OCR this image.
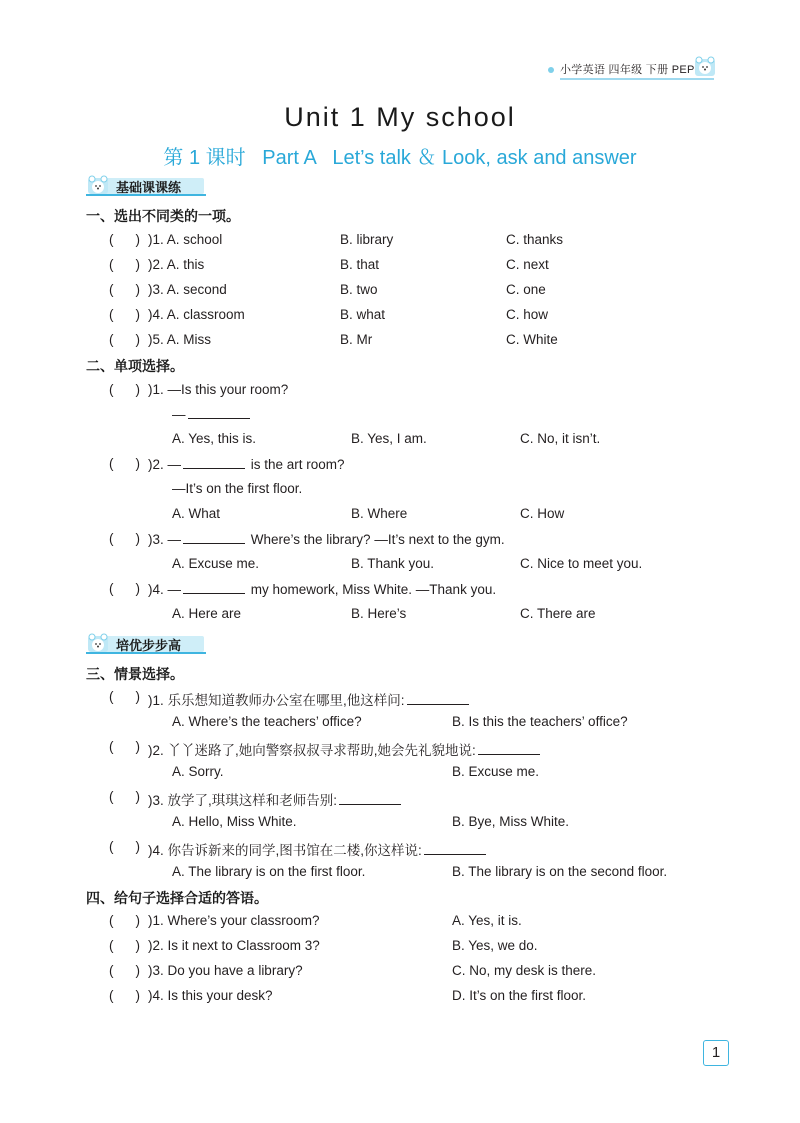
小学英语 四年级 下册 PEP
Unit 1 My school
第 1 课时   Part A   Let’s talk ＆ Look, ask and answer
基础课课练
一、选出不同类的一项。
(  )
)1. A. school	B. library	C. thanks
(  )
)2. A. this	B. that	C. next
(  )
)3. A. second	B. two	C. one
(  )
)4. A. classroom	B. what	C. how
(  )
)5. A. Miss	B. Mr	C. White
二、单项选择。
(  )
)1. —Is this your room?
—
A. Yes, this is.	B. Yes, I am.	C. No, it isn’t.
(  )
)2. —	is the art room?
—It’s on the first floor.
A. What	B. Where	C. How
(  )
)3. —	Where’s the library? —It’s next to the gym.
A. Excuse me.	B. Thank you.	C. Nice to meet you.
(  )
)4. —	my homework, Miss White. —Thank you.
A. Here are	B. Here’s	C. There are
培优步步高
三、情景选择。
(  )
)1. 乐乐想知道教师办公室在哪里,他这样问:
A. Where’s the teachers’ office?	B. Is this the teachers’ office?
(  )
)2. 丫丫迷路了,她向警察叔叔寻求帮助,她会先礼貌地说:
A. Sorry.	B. Excuse me.
(  )
)3. 放学了,琪琪这样和老师告别:
A. Hello, Miss White.	B. Bye, Miss White.
(  )
)4. 你告诉新来的同学,图书馆在二楼,你这样说:
A. The library is on the first floor.	B. The library is on the second floor.
四、给句子选择合适的答语。
(  )
)1. Where’s your classroom?	A. Yes, it is.
(  )
)2. Is it next to Classroom 3?	B. Yes, we do.
(  )
)3. Do you have a library?	C. No, my desk is there.
(  )
)4. Is this your desk?	D. It’s on the first floor.
1
